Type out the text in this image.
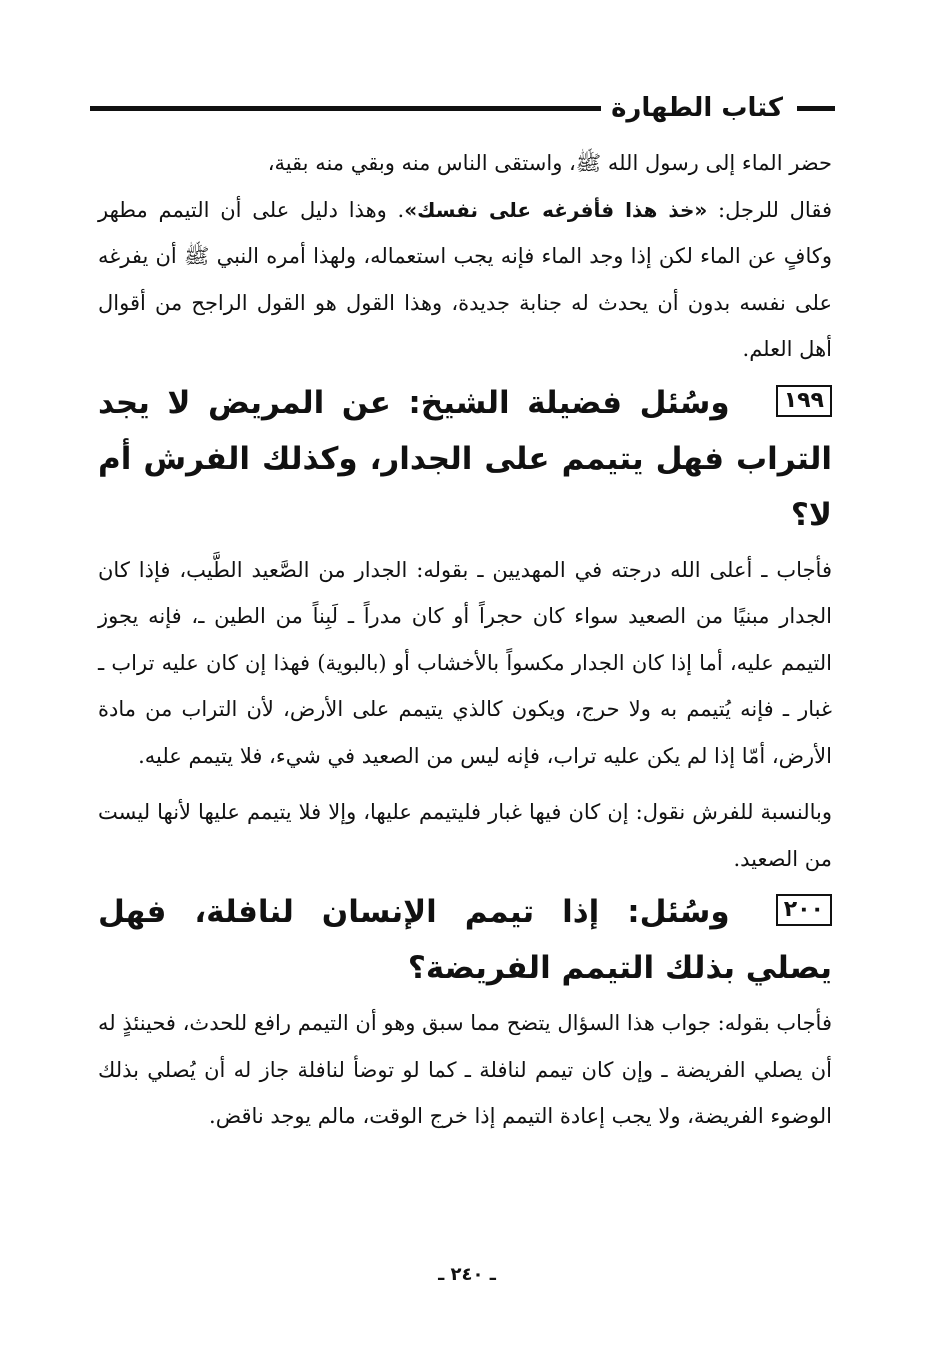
كتاب الطهارة

حضر الماء إلى رسول الله ﷺ، واستقى الناس منه وبقي منه بقية،

فقال للرجل: «خذ هذا فأفرغه على نفسك». وهذا دليل على أن التيمم مطهر وكافٍ عن الماء لكن إذا وجد الماء فإنه يجب استعماله، ولهذا أمره النبي ﷺ أن يفرغه على نفسه بدون أن يحدث له جنابة جديدة، وهذا القول هو القول الراجح من أقوال أهل العلم.

١٩٩وسُئل فضيلة الشيخ: عن المريض لا يجد التراب فهل يتيمم على الجدار، وكذلك الفرش أم لا؟

فأجاب ـ أعلى الله درجته في المهديين ـ بقوله: الجدار من الصَّعيد الطَّيب، فإذا كان الجدار مبنيًا من الصعيد سواء كان حجراً أو كان مدراً ـ لَبِناً من الطين ـ، فإنه يجوز التيمم عليه، أما إذا كان الجدار مكسواً بالأخشاب أو (بالبوية) فهذا إن كان عليه تراب ـ غبار ـ فإنه يُتيمم به ولا حرج، ويكون كالذي يتيمم على الأرض، لأن التراب من مادة الأرض، أمّا إذا لم يكن عليه تراب، فإنه ليس من الصعيد في شيء، فلا يتيمم عليه.

وبالنسبة للفرش نقول: إن كان فيها غبار فليتيمم عليها، وإلا فلا يتيمم عليها لأنها ليست من الصعيد.

٢٠٠وسُئل: إذا تيمم الإنسان لنافلة، فهل يصلي بذلك التيمم الفريضة؟

فأجاب بقوله: جواب هذا السؤال يتضح مما سبق وهو أن التيمم رافع للحدث، فحينئذٍ له أن يصلي الفريضة ـ وإن كان تيمم لنافلة ـ كما لو توضأ لنافلة جاز له أن يُصلي بذلك الوضوء الفريضة، ولا يجب إعادة التيمم إذا خرج الوقت، مالم يوجد ناقض.

ـ ٢٤٠ ـ
